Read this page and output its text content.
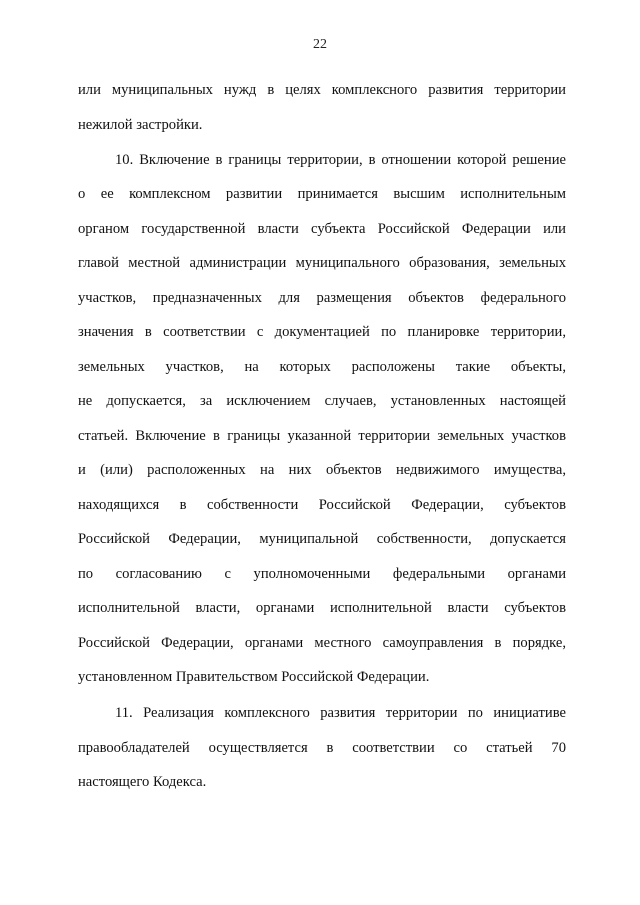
22
или муниципальных нужд в целях комплексного развития территории
нежилой застройки.
10. Включение в границы территории, в отношении которой решение
о ее комплексном развитии принимается высшим исполнительным
органом государственной власти субъекта Российской Федерации или
главой местной администрации муниципального образования, земельных
участков, предназначенных для размещения объектов федерального
значения в соответствии с документацией по планировке территории,
земельных участков, на которых расположены такие объекты,
не допускается, за исключением случаев, установленных настоящей
статьей. Включение в границы указанной территории земельных участков
и (или) расположенных на них объектов недвижимого имущества,
находящихся в собственности Российской Федерации, субъектов
Российской Федерации, муниципальной собственности, допускается
по согласованию с уполномоченными федеральными органами
исполнительной власти, органами исполнительной власти субъектов
Российской Федерации, органами местного самоуправления в порядке,
установленном Правительством Российской Федерации.
11. Реализация комплексного развития территории по инициативе
правообладателей осуществляется в соответствии со статьей 70
настоящего Кодекса.
